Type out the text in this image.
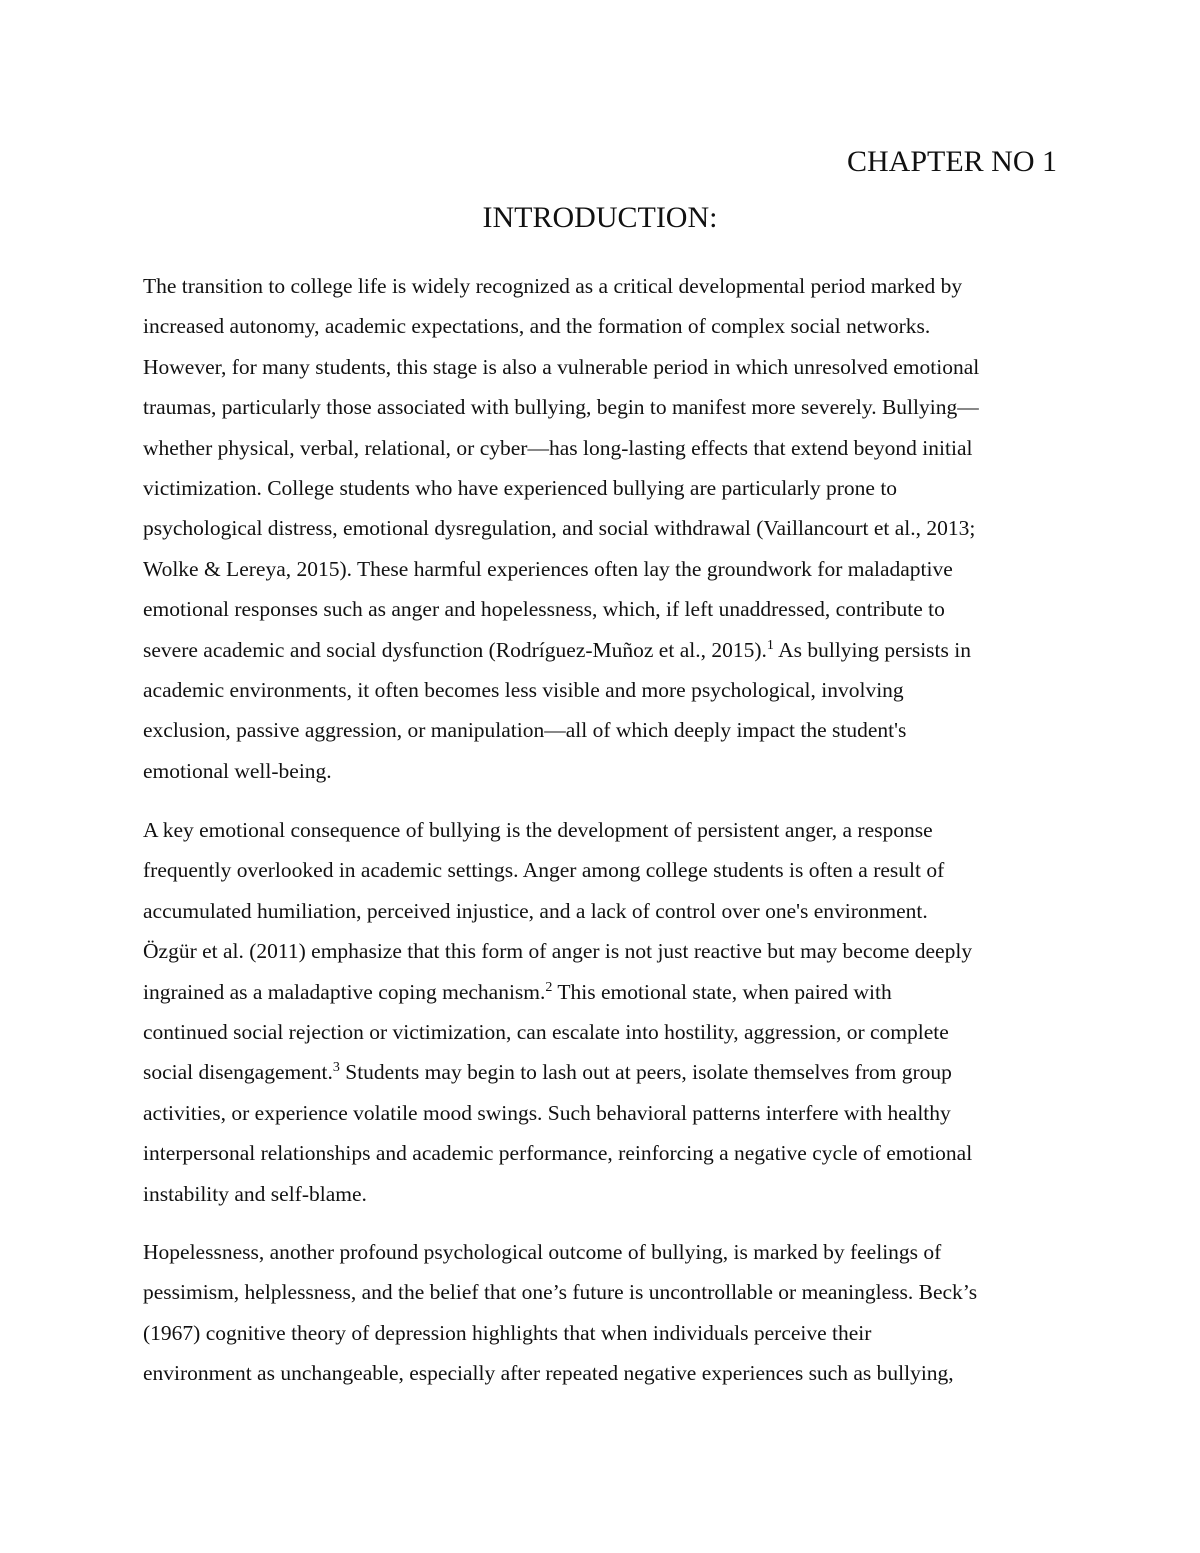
CHAPTER NO 1
INTRODUCTION:
The transition to college life is widely recognized as a critical developmental period marked by
increased autonomy, academic expectations, and the formation of complex social networks.
However, for many students, this stage is also a vulnerable period in which unresolved emotional
traumas, particularly those associated with bullying, begin to manifest more severely. Bullying—
whether physical, verbal, relational, or cyber—has long-lasting effects that extend beyond initial
victimization. College students who have experienced bullying are particularly prone to
psychological distress, emotional dysregulation, and social withdrawal (Vaillancourt et al., 2013;
Wolke & Lereya, 2015). These harmful experiences often lay the groundwork for maladaptive
emotional responses such as anger and hopelessness, which, if left unaddressed, contribute to
severe academic and social dysfunction (Rodríguez-Muñoz et al., 2015).$^1$ As bullying persists in
academic environments, it often becomes less visible and more psychological, involving
exclusion, passive aggression, or manipulation—all of which deeply impact the student's
emotional well-being.
A key emotional consequence of bullying is the development of persistent anger, a response
frequently overlooked in academic settings. Anger among college students is often a result of
accumulated humiliation, perceived injustice, and a lack of control over one's environment.
Özgür et al. (2011) emphasize that this form of anger is not just reactive but may become deeply
ingrained as a maladaptive coping mechanism.$^2$ This emotional state, when paired with
continued social rejection or victimization, can escalate into hostility, aggression, or complete
social disengagement.$^3$ Students may begin to lash out at peers, isolate themselves from group
activities, or experience volatile mood swings. Such behavioral patterns interfere with healthy
interpersonal relationships and academic performance, reinforcing a negative cycle of emotional
instability and self-blame.
Hopelessness, another profound psychological outcome of bullying, is marked by feelings of
pessimism, helplessness, and the belief that one’s future is uncontrollable or meaningless. Beck’s
(1967) cognitive theory of depression highlights that when individuals perceive their
environment as unchangeable, especially after repeated negative experiences such as bullying,
